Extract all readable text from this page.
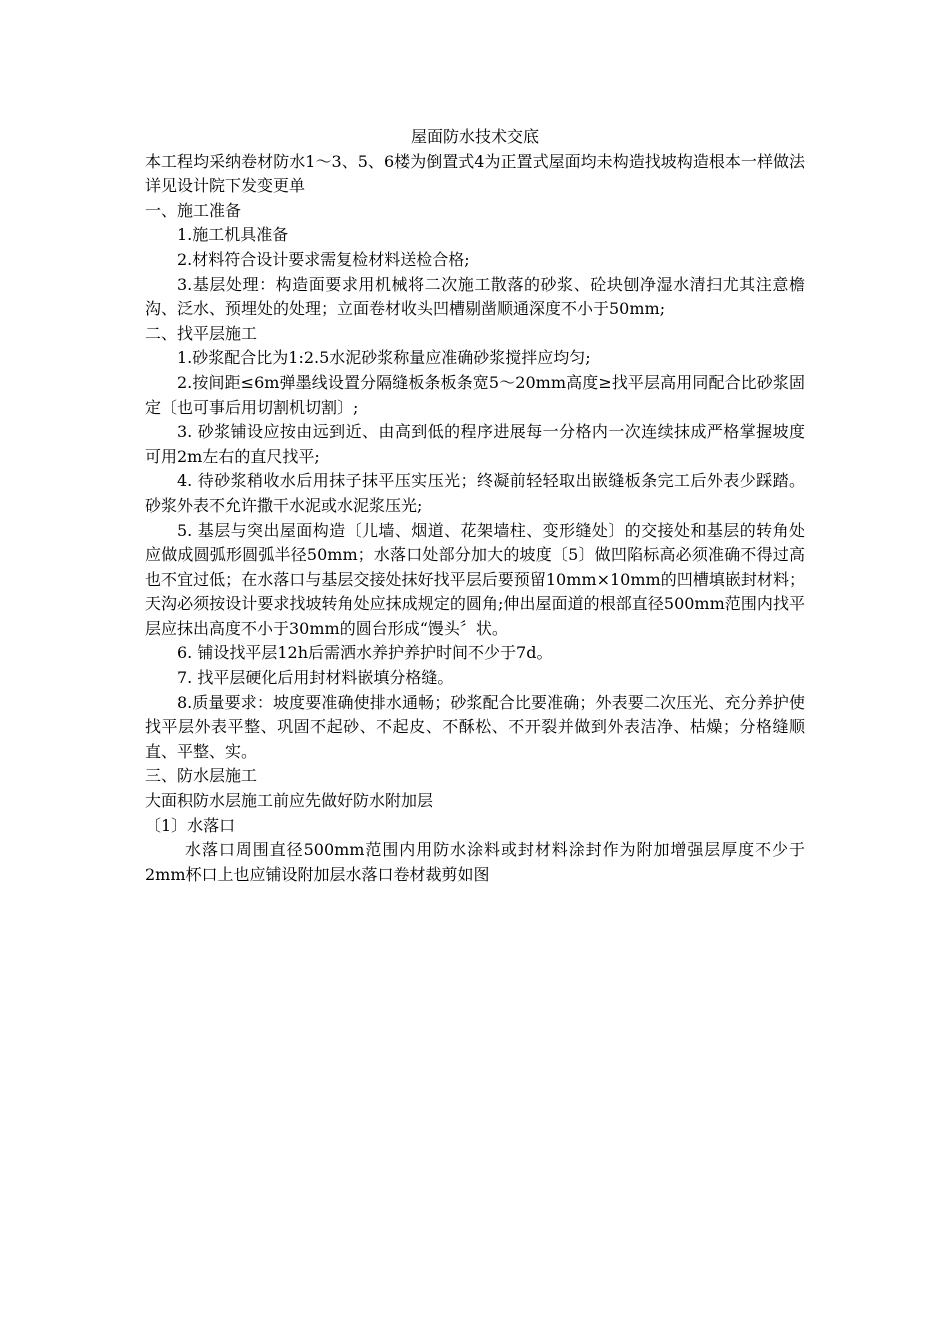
屋面防水技术交底

本工程均采纳卷材防水1～3、5、6楼为倒置式4为正置式屋面均未构造找坡构造根本一样做法详见设计院下发变更单

一、施工准备

1.施工机具准备

2.材料符合设计要求需复检材料送检合格;

3.基层处理：构造面要求用机械将二次施工散落的砂浆、砼块刨净湿水清扫尤其注意檐沟、泛水、预埋处的处理；立面卷材收头凹槽剔凿顺通深度不小于50mm;

二、找平层施工

1.砂浆配合比为1:2.5水泥砂浆称量应准确砂浆搅拌应均匀;

2.按间距≤6m弹墨线设置分隔缝板条板条宽5～20mm高度≥找平层高用同配合比砂浆固定〔也可事后用切割机切割〕;

3. 砂浆铺设应按由远到近、由高到低的程序进展每一分格内一次连续抹成严格掌握坡度可用2m左右的直尺找平;

4. 待砂浆稍收水后用抹子抹平压实压光；终凝前轻轻取出嵌缝板条完工后外表少踩踏。砂浆外表不允许撒干水泥或水泥浆压光;

5. 基层与突出屋面构造〔儿墙、烟道、花架墙柱、变形缝处〕的交接处和基层的转角处应做成圆弧形圆弧半径50mm；水落口处部分加大的坡度〔5〕做凹陷标高必须准确不得过高也不宜过低；在水落口与基层交接处抹好找平层后要预留10mm×10mm的凹槽填嵌封材料；天沟必须按设计要求找坡转角处应抹成规定的圆角;伸出屋面道的根部直径500mm范围内找平层应抹出高度不小于30mm的圆台形成“馒头〞状。

6. 铺设找平层12h后需洒水养护养护时间不少于7d。

7. 找平层硬化后用封材料嵌填分格缝。

8.质量要求：坡度要准确使排水通畅；砂浆配合比要准确；外表要二次压光、充分养护使找平层外表平整、巩固不起砂、不起皮、不酥松、不开裂并做到外表洁净、枯燥；分格缝顺直、平整、实。

三、防水层施工

大面积防水层施工前应先做好防水附加层

〔1〕水落口

水落口周围直径500mm范围内用防水涂料或封材料涂封作为附加增强层厚度不少于2mm杯口上也应铺设附加层水落口卷材裁剪如图
